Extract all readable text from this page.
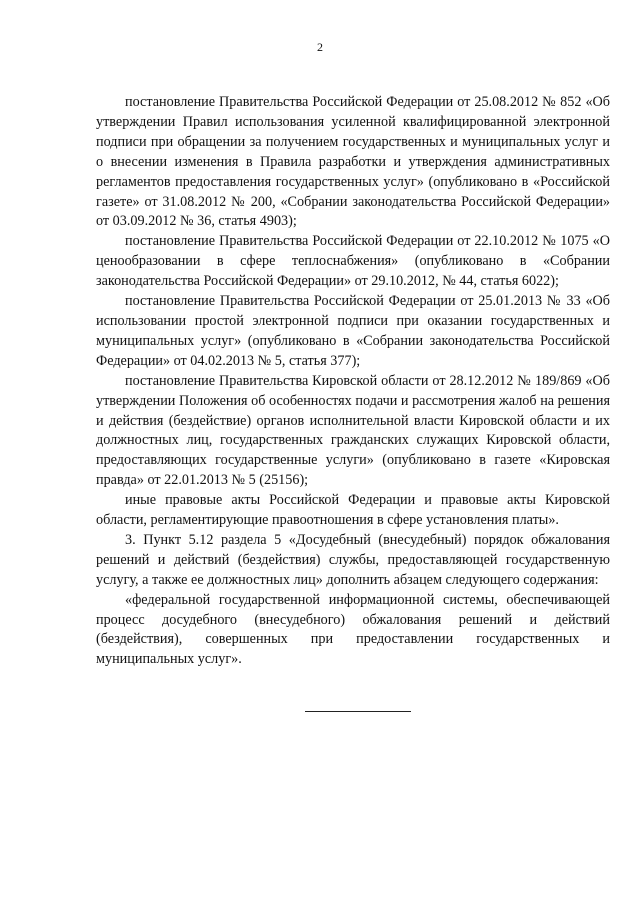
2

постановление Правительства Российской Федерации от 25.08.2012 № 852 «Об утверждении Правил использования усиленной квалифицированной электронной подписи при обращении за получением государственных и муниципальных услуг и о внесении изменения в Правила разработки и утверждения административных регламентов предоставления государственных услуг» (опубликовано в «Российской газете» от 31.08.2012 № 200, «Собрании законодательства Российской Федерации» от 03.09.2012 № 36, статья 4903);

постановление Правительства Российской Федерации от 22.10.2012 № 1075 «О ценообразовании в сфере теплоснабжения» (опубликовано в «Собрании законодательства Российской Федерации» от 29.10.2012, № 44, статья 6022);

постановление Правительства Российской Федерации от 25.01.2013 № 33 «Об использовании простой электронной подписи при оказании государственных и муниципальных услуг» (опубликовано в «Собрании законодательства Российской Федерации» от 04.02.2013 № 5, статья 377);

постановление Правительства Кировской области от 28.12.2012 № 189/869 «Об утверждении Положения об особенностях подачи и рассмотрения жалоб на решения и действия (бездействие) органов исполнительной власти Кировской области и их должностных лиц, государственных гражданских служащих Кировской области, предоставляющих государственные услуги» (опубликовано в газете «Кировская правда» от 22.01.2013 № 5 (25156);

иные правовые акты Российской Федерации и правовые акты Кировской области, регламентирующие правоотношения в сфере установления платы».

3. Пункт 5.12 раздела 5 «Досудебный (внесудебный) порядок обжалования решений и действий (бездействия) службы, предоставляющей государственную услугу, а также ее должностных лиц» дополнить абзацем следующего содержания:

«федеральной государственной информационной системы, обеспечивающей процесс досудебного (внесудебного) обжалования решений и действий (бездействия), совершенных при предоставлении государственных и муниципальных услуг».
